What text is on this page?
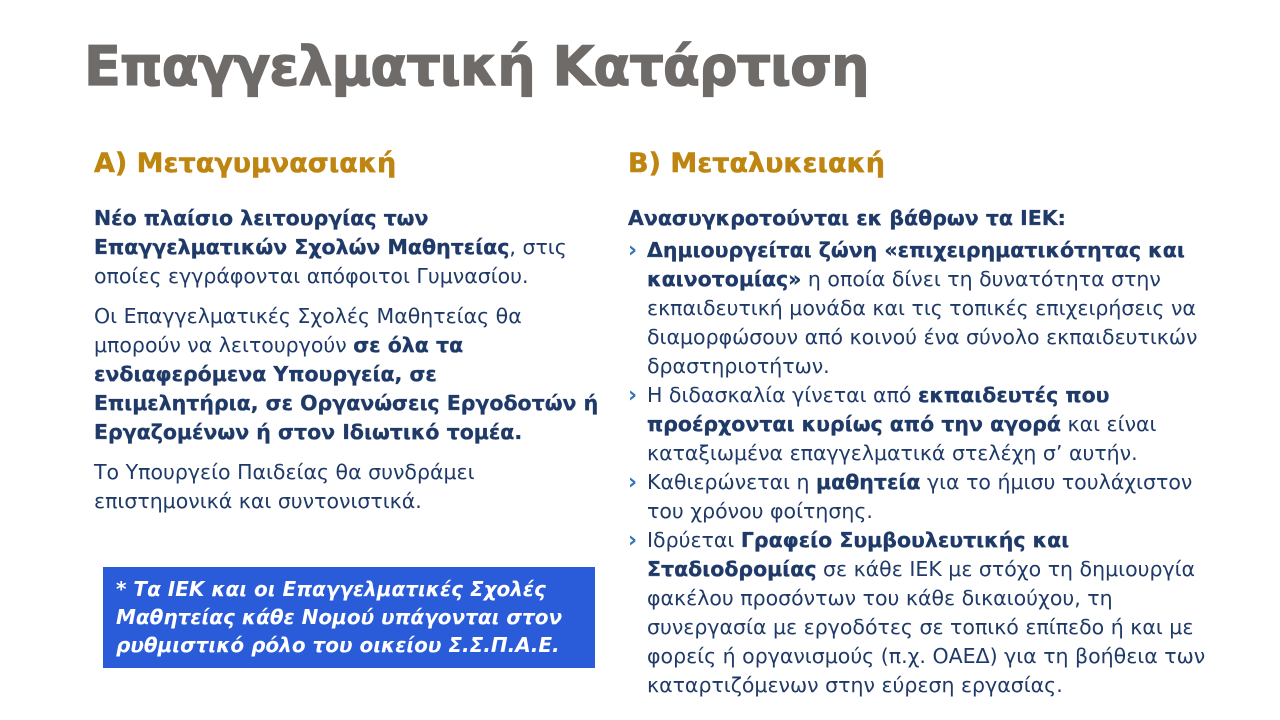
Επαγγελματική Κατάρτιση
Α) Μεταγυμνασιακή

Νέο πλαίσιο λειτουργίας των Επαγγελματικών Σχολών Μαθητείας, στις οποίες εγγράφονται απόφοιτοι Γυμνασίου.

Οι Επαγγελματικές Σχολές Μαθητείας θα μπορούν να λειτουργούν σε όλα τα ενδιαφερόμενα Υπουργεία, σε Επιμελητήρια, σε Οργανώσεις Εργοδοτών ή Εργαζομένων ή στον Ιδιωτικό τομέα.

Το Υπουργείο Παιδείας θα συνδράμει επιστημονικά και συντονιστικά.

* Τα ΙΕΚ και οι Επαγγελματικές Σχολές Μαθητείας κάθε Νομού υπάγονται στον ρυθμιστικό ρόλο του οικείου Σ.Σ.Π.Α.Ε.
Β) Μεταλυκειακή

Ανασυγκροτούνται εκ βάθρων τα ΙΕΚ:

› Δημιουργείται ζώνη «επιχειρηματικότητας και καινοτομίας» η οποία δίνει τη δυνατότητα στην εκπαιδευτική μονάδα και τις τοπικές επιχειρήσεις να διαμορφώσουν από κοινού ένα σύνολο εκπαιδευτικών δραστηριοτήτων.
› Η διδασκαλία γίνεται από εκπαιδευτές που προέρχονται κυρίως από την αγορά και είναι καταξιωμένα επαγγελματικά στελέχη σ’ αυτήν.
› Καθιερώνεται η μαθητεία για το ήμισυ τουλάχιστον του χρόνου φοίτησης.
› Ιδρύεται Γραφείο Συμβουλευτικής και Σταδιοδρομίας σε κάθε ΙΕΚ με στόχο τη δημιουργία φακέλου προσόντων του κάθε δικαιούχου, τη συνεργασία με εργοδότες σε τοπικό επίπεδο ή και με φορείς ή οργανισμούς (π.χ. ΟΑΕΔ) για τη βοήθεια των καταρτιζόμενων στην εύρεση εργασίας.
